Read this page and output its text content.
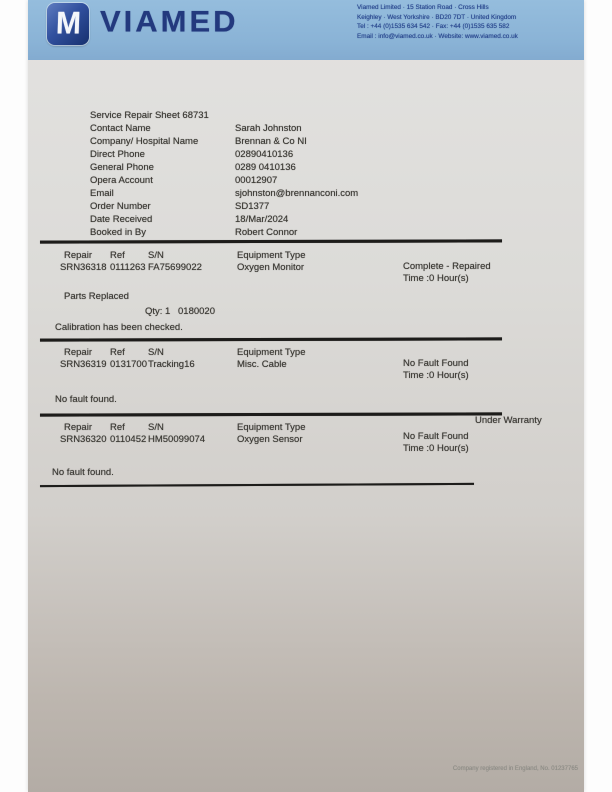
M VIAMED	Viamed Limited · 15 Station Road · Cross Hills
Keighley · West Yorkshire · BD20 7DT · United Kingdom
Tel : +44 (0)1535 634 542 · Fax: +44 (0)1535 635 582
Email : info@viamed.co.uk · Website: www.viamed.co.uk
Service Repair Sheet 68731
Contact Name	Sarah Johnston
Company/ Hospital Name	Brennan & Co NI
Direct Phone	02890410136
General Phone	0289 0410136
Opera Account	00012907
Email	sjohnston@brennanconi.com
Order Number	SD1377
Date Received	18/Mar/2024
Booked in By	Robert Connor
Repair Ref S/N	Equipment Type
SRN36318 0111263 FA75699022	Oxygen Monitor	Complete - Repaired
Time :0 Hour(s)
Parts Replaced
Qty: 1 0180020
Calibration has been checked.
Repair Ref S/N	Equipment Type
SRN36319 0131700 Tracking16	Misc. Cable	No Fault Found
Time :0 Hour(s)
No fault found.
Under Warranty
Repair Ref S/N	Equipment Type
SRN36320 0110452 HM50099074	Oxygen Sensor	No Fault Found
Time :0 Hour(s)
No fault found.
Company registered in England, No. 01237765
